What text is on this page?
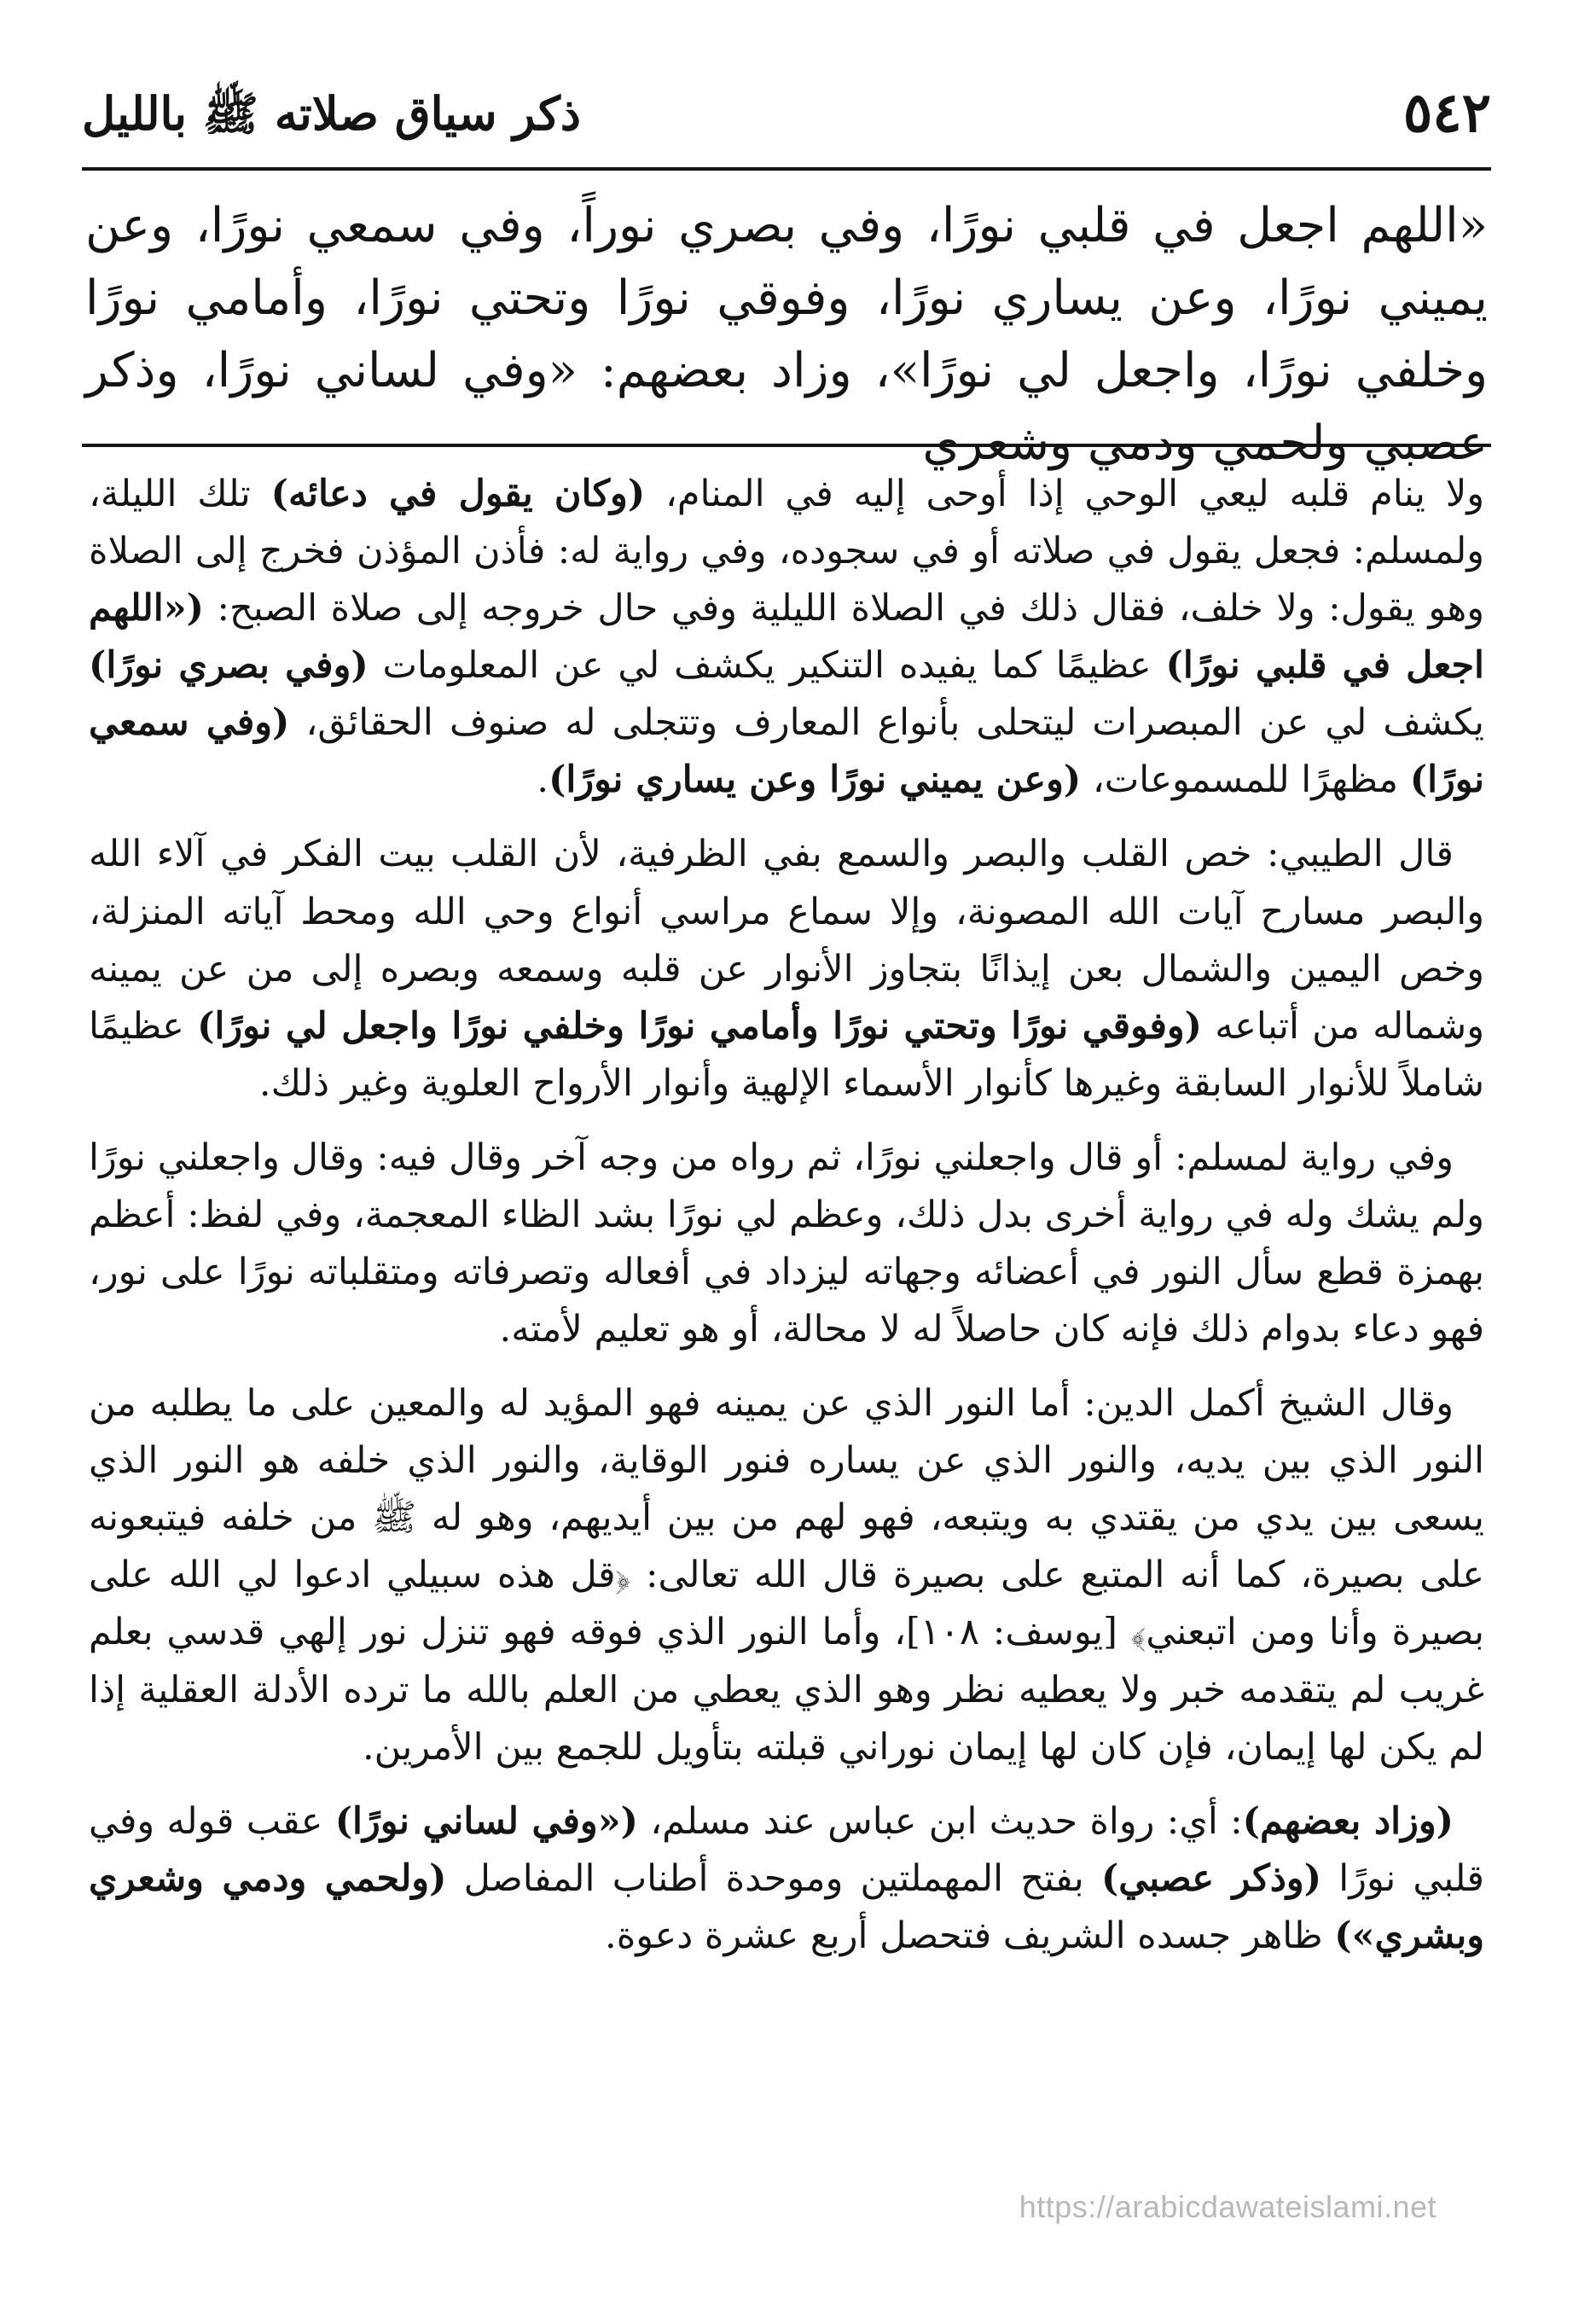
٥٤٢
ذكر سياق صلاته ﷺ بالليل

«اللهم اجعل في قلبي نورًا، وفي بصري نوراً، وفي سمعي نورًا، وعن يميني نورًا، وعن يساري نورًا، وفوقي نورًا وتحتي نورًا، وأمامي نورًا وخلفي نورًا، واجعل لي نورًا»، وزاد بعضهم: «وفي لساني نورًا، وذكر عصبي ولحمي ودمي وشعري

ولا ينام قلبه ليعي الوحي إذا أوحى إليه في المنام، (وكان يقول في دعائه) تلك الليلة، ولمسلم: فجعل يقول في صلاته أو في سجوده، وفي رواية له: فأذن المؤذن فخرج إلى الصلاة وهو يقول: ولا خلف، فقال ذلك في الصلاة الليلية وفي حال خروجه إلى صلاة الصبح: («اللهم اجعل في قلبي نورًا) عظيمًا كما يفيده التنكير يكشف لي عن المعلومات (وفي بصري نورًا) يكشف لي عن المبصرات ليتحلى بأنواع المعارف وتتجلى له صنوف الحقائق، (وفي سمعي نورًا) مظهرًا للمسموعات، (وعن يميني نورًا وعن يساري نورًا).

قال الطيبي: خص القلب والبصر والسمع بفي الظرفية، لأن القلب بيت الفكر في آلاء الله والبصر مسارح آيات الله المصونة، وإلا سماع مراسي أنواع وحي الله ومحط آياته المنزلة، وخص اليمين والشمال بعن إيذانًا بتجاوز الأنوار عن قلبه وسمعه وبصره إلى من عن يمينه وشماله من أتباعه (وفوقي نورًا وتحتي نورًا وأمامي نورًا وخلفي نورًا واجعل لي نورًا) عظيمًا شاملاً للأنوار السابقة وغيرها كأنوار الأسماء الإلهية وأنوار الأرواح العلوية وغير ذلك.

وفي رواية لمسلم: أو قال واجعلني نورًا، ثم رواه من وجه آخر وقال فيه: وقال واجعلني نورًا ولم يشك وله في رواية أخرى بدل ذلك، وعظم لي نورًا بشد الظاء المعجمة، وفي لفظ: أعظم بهمزة قطع سأل النور في أعضائه وجهاته ليزداد في أفعاله وتصرفاته ومتقلباته نورًا على نور، فهو دعاء بدوام ذلك فإنه كان حاصلاً له لا محالة، أو هو تعليم لأمته.

وقال الشيخ أكمل الدين: أما النور الذي عن يمينه فهو المؤيد له والمعين على ما يطلبه من النور الذي بين يديه، والنور الذي عن يساره فنور الوقاية، والنور الذي خلفه هو النور الذي يسعى بين يدي من يقتدي به ويتبعه، فهو لهم من بين أيديهم، وهو له ﷺ من خلفه فيتبعونه على بصيرة، كما أنه المتبع على بصيرة قال الله تعالى: ﴿قل هذه سبيلي ادعوا لي الله على بصيرة وأنا ومن اتبعني﴾ [يوسف: ١٠٨]، وأما النور الذي فوقه فهو تنزل نور إلهي قدسي بعلم غريب لم يتقدمه خبر ولا يعطيه نظر وهو الذي يعطي من العلم بالله ما ترده الأدلة العقلية إذا لم يكن لها إيمان، فإن كان لها إيمان نوراني قبلته بتأويل للجمع بين الأمرين.

(وزاد بعضهم): أي: رواة حديث ابن عباس عند مسلم، («وفي لساني نورًا) عقب قوله وفي قلبي نورًا (وذكر عصبي) بفتح المهملتين وموحدة أطناب المفاصل (ولحمي ودمي وشعري وبشري») ظاهر جسده الشريف فتحصل أربع عشرة دعوة.

https://arabicdawateislami.net
